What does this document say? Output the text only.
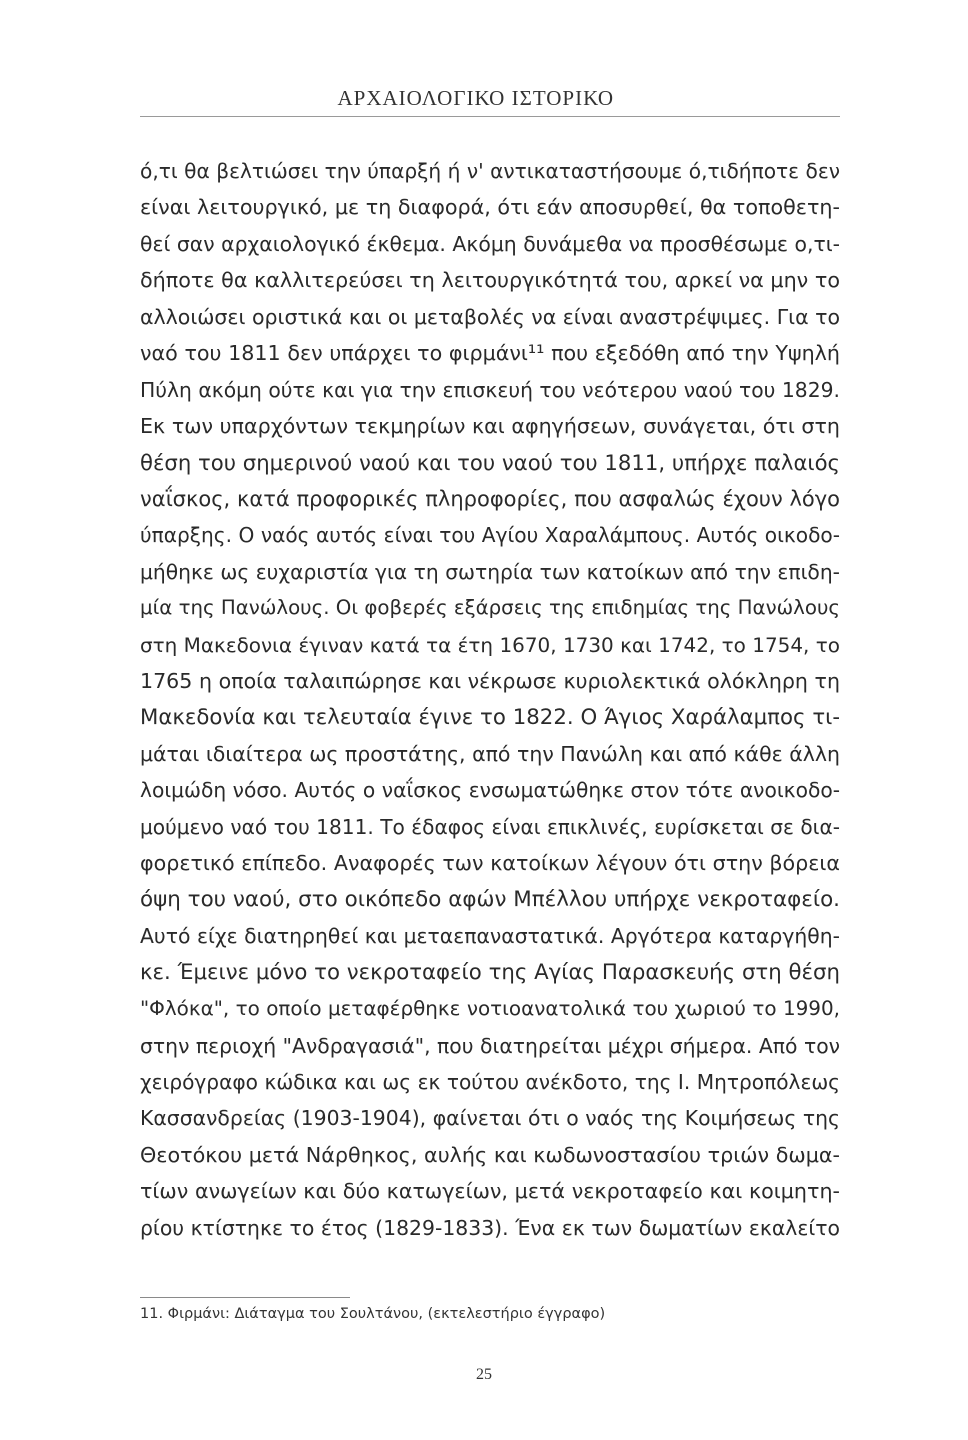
ΑΡΧΑΙΟΛΟΓΙΚΟ ΙΣΤΟΡΙΚΟ
ό,τι θα βελτιώσει την ύπαρξή ή ν' αντικαταστήσουμε ό,τιδήποτε δεν
είναι λειτουργικό, με τη διαφορά, ότι εάν αποσυρθεί, θα τοποθετη-
θεί σαν αρχαιολογικό έκθεμα. Ακόμη δυνάμεθα να προσθέσωμε ο,τι-
δήποτε θα καλλιτερεύσει τη λειτουργικότητά του, αρκεί να μην το
αλλοιώσει οριστικά και οι μεταβολές να είναι αναστρέψιμες. Για το
ναό του 1811 δεν υπάρχει το φιρμάνι¹¹ που εξεδόθη από την Υψηλή
Πύλη ακόμη ούτε και για την επισκευή του νεότερου ναού του 1829.
Εκ των υπαρχόντων τεκμηρίων και αφηγήσεων, συνάγεται, ότι στη
θέση του σημερινού ναού και του ναού του 1811, υπήρχε παλαιός
ναΐσκος, κατά προφορικές πληροφορίες, που ασφαλώς έχουν λόγο
ύπαρξης. Ο ναός αυτός είναι του Αγίου Χαραλάμπους. Αυτός οικοδο-
μήθηκε ως ευχαριστία για τη σωτηρία των κατοίκων από την επιδη-
μία της Πανώλους. Οι φοβερές εξάρσεις της επιδημίας της Πανώλους
στη Μακεδονια έγιναν κατά τα έτη 1670, 1730 και 1742, το 1754, το
1765 η οποία ταλαιπώρησε και νέκρωσε κυριολεκτικά ολόκληρη τη
Μακεδονία και τελευταία έγινε το 1822. Ο Άγιος Χαράλαμπος τι-
μάται ιδιαίτερα ως προστάτης, από την Πανώλη και από κάθε άλλη
λοιμώδη νόσο. Αυτός ο ναΐσκος ενσωματώθηκε στον τότε ανοικοδο-
μούμενο ναό του 1811. Το έδαφος είναι επικλινές, ευρίσκεται σε δια-
φορετικό επίπεδο. Αναφορές των κατοίκων λέγουν ότι στην βόρεια
όψη του ναού, στο οικόπεδο αφών Μπέλλου υπήρχε νεκροταφείο.
Αυτό είχε διατηρηθεί και μεταεπαναστατικά. Αργότερα καταργήθη-
κε. Έμεινε μόνο το νεκροταφείο της Αγίας Παρασκευής στη θέση
"Φλόκα", το οποίο μεταφέρθηκε νοτιοανατολικά του χωριού το 1990,
στην περιοχή "Ανδραγασιά", που διατηρείται μέχρι σήμερα. Από τον
χειρόγραφο κώδικα και ως εκ τούτου ανέκδοτο, της Ι. Μητροπόλεως
Κασσανδρείας (1903-1904), φαίνεται ότι ο ναός της Κοιμήσεως της
Θεοτόκου μετά Νάρθηκος, αυλής και κωδωνοστασίου τριών δωμα-
τίων ανωγείων και δύο κατωγείων, μετά νεκροταφείο και κοιμητη-
ρίου κτίστηκε το έτος (1829-1833). Ένα εκ των δωματίων εκαλείτο
11. Φιρμάνι: Διάταγμα του Σουλτάνου, (εκτελεστήριο έγγραφο)
25
